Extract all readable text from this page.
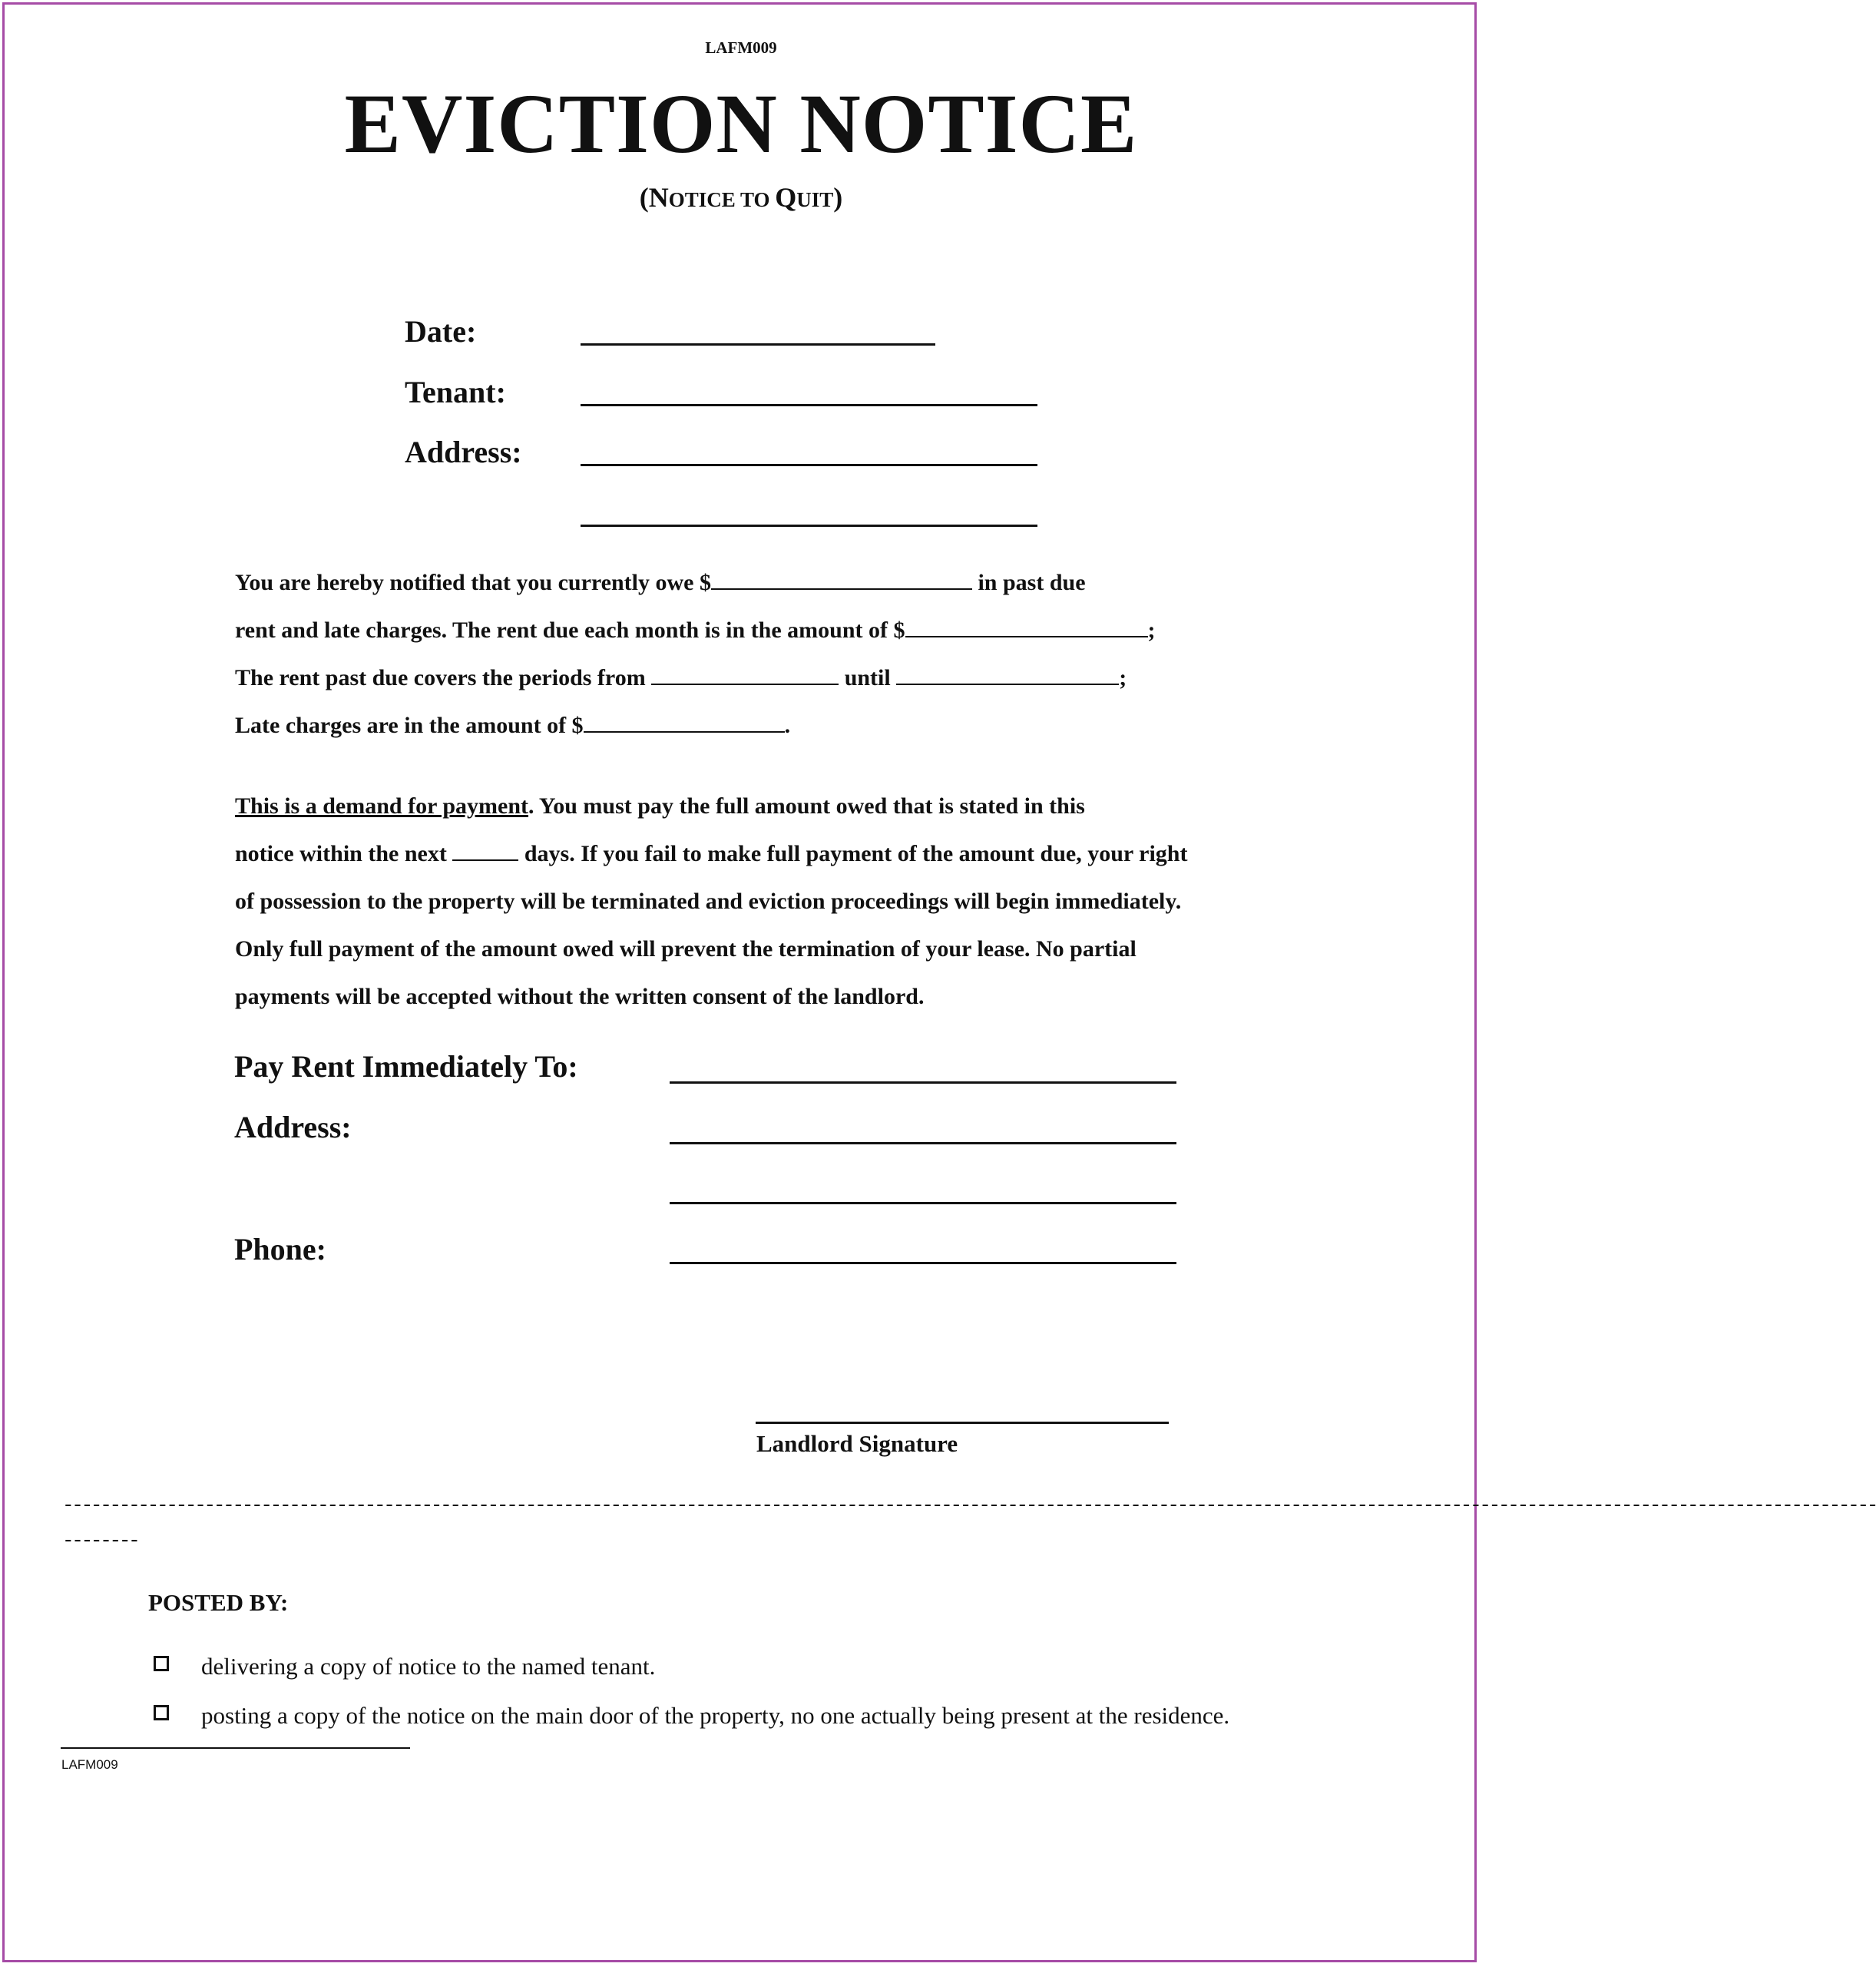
LAFM009
EVICTION NOTICE
(NOTICE TO QUIT)
Date:
Tenant:
Address:
You are hereby notified that you currently owe $	in past due
rent and late charges. The rent due each month is in the amount of $	;
The rent past due covers the periods from	until	;
Late charges are in the amount of $	.
This is a demand for payment. You must pay the full amount owed that is stated in this
notice within the next	days. If you fail to make full payment of the amount due, your right
of possession to the property will be terminated and eviction proceedings will begin immediately.
Only full payment of the amount owed will prevent the termination of your lease. No partial
payments will be accepted without the written consent of the landlord.
Pay Rent Immediately To:
Address:
Phone:
Landlord Signature
------------------------------------------------------------------------------------------------------------------------------------------------------------------------------------------------
--------
POSTED BY:
delivering a copy of notice to the named tenant.
posting a copy of the notice on the main door of the property, no one actually being present at the residence.
LAFM009
